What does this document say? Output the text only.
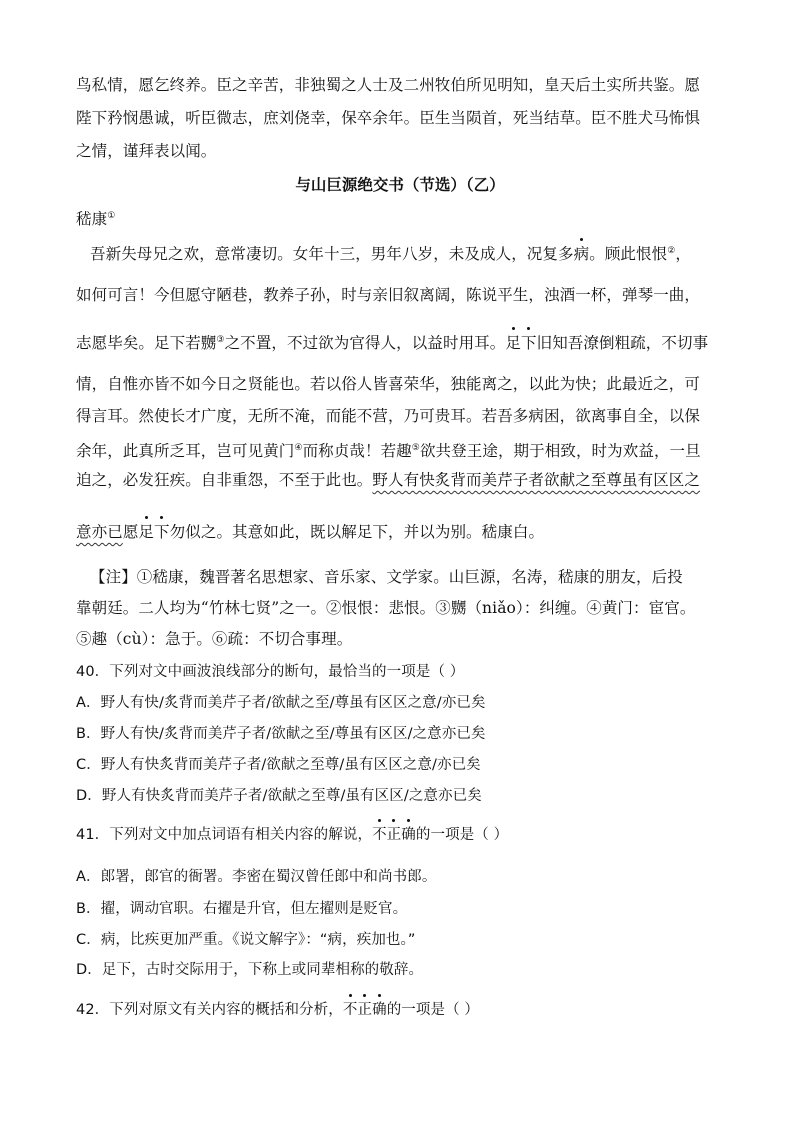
鸟私情，愿乞终养。臣之辛苦，非独蜀之人士及二州牧伯所见明知，皇天后土实所共鉴。愿
陛下矜悯愚诚，听臣微志，庶刘侥幸，保卒余年。臣生当陨首，死当结草。臣不胜犬马怖惧
之情，谨拜表以闻。
与山巨源绝交书（节选）（乙）
嵇康①
吾新失母兄之欢，意常凄切。女年十三，男年八岁，未及成人，况复多病。顾此恨恨②，
如何可言！今但愿守陋巷，教养子孙，时与亲旧叙离阔，陈说平生，浊酒一杯，弹琴一曲，
志愿毕矣。足下若嬲③之不置，不过欲为官得人，以益时用耳。足下旧知吾潦倒粗疏，不切事
情，自惟亦皆不如今日之贤能也。若以俗人皆喜荣华，独能离之，以此为快；此最近之，可
得言耳。然使长才广度，无所不淹，而能不营，乃可贵耳。若吾多病困，欲离事自全，以保
余年，此真所乏耳，岂可见黄门④而称贞哉！若趣⑤欲共登王途，期于相致，时为欢益，一旦
迫之，必发狂疾。自非重怨，不至于此也。野人有快炙背而美芹子者欲献之至尊虽有区区之
意亦已愿足下勿似之。其意如此，既以解足下，并以为别。嵇康白。
【注】①嵇康，魏晋著名思想家、音乐家、文学家。山巨源，名涛，嵇康的朋友，后投
靠朝廷。二人均为“竹林七贤”之一。②恨恨：悲恨。③嬲（niǎo）：纠缠。④黄门：宦官。
⑤趣（cù）：急于。⑥疏：不切合事理。
40．下列对文中画波浪线部分的断句，最恰当的一项是（ ）
A．野人有快/炙背而美芹子者/欲献之至/尊虽有区区之意/亦已矣
B．野人有快/炙背而美芹子者/欲献之至/尊虽有区区/之意亦已矣
C．野人有快炙背而美芹子者/欲献之至尊/虽有区区之意/亦已矣
D．野人有快炙背而美芹子者/欲献之至尊/虽有区区/之意亦已矣
41．下列对文中加点词语有相关内容的解说，不正确的一项是（ ）
A．郎署，郎官的衙署。李密在蜀汉曾任郎中和尚书郎。
B．擢，调动官职。右擢是升官，但左擢则是贬官。
C．病，比疾更加严重。《说文解字》：“病，疾加也。”
D．足下，古时交际用于，下称上或同辈相称的敬辞。
42．下列对原文有关内容的概括和分析，不正确的一项是（ ）
